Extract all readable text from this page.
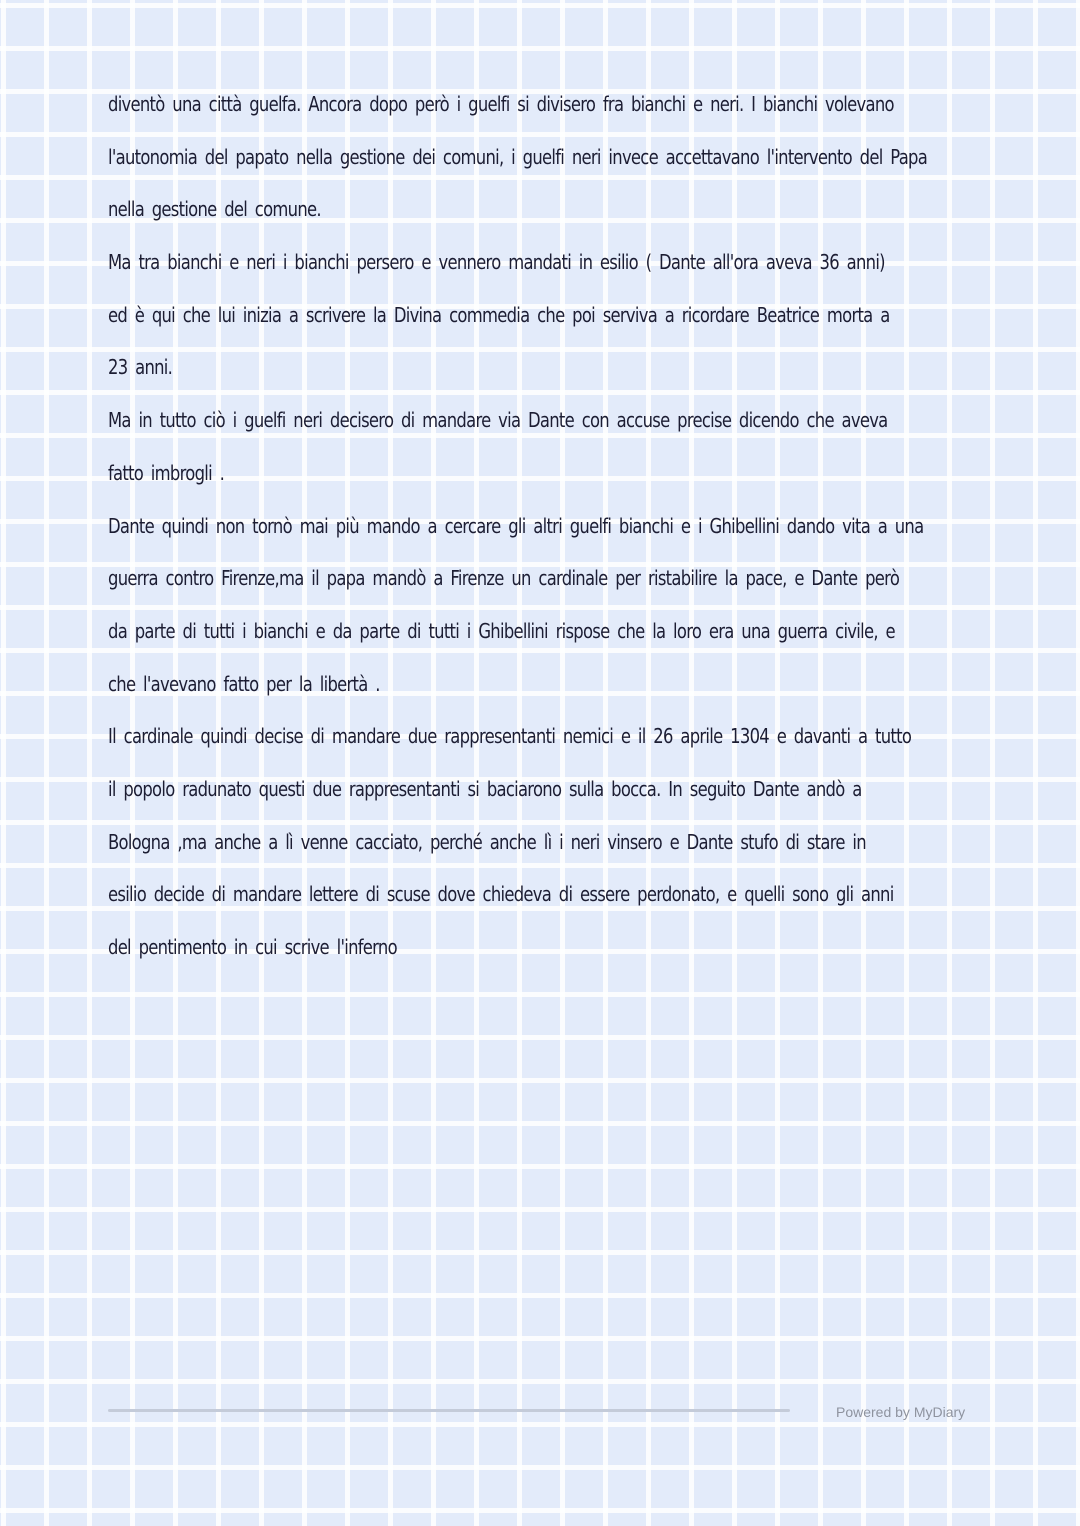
diventò una città guelfa. Ancora dopo però i guelfi si divisero fra bianchi e neri. I bianchi volevano
l'autonomia del papato nella gestione dei comuni, i guelfi neri invece accettavano l'intervento del Papa
nella gestione del comune.
Ma tra bianchi e neri i bianchi persero e vennero mandati in esilio ( Dante all'ora aveva 36 anni)
ed è qui che lui inizia a scrivere la Divina commedia che poi serviva a ricordare Beatrice morta a
23 anni.
Ma in tutto ciò i guelfi neri decisero di mandare via Dante con accuse precise dicendo che aveva
fatto imbrogli .
Dante quindi non tornò mai più mando a cercare gli altri guelfi bianchi e i Ghibellini dando vita a una
guerra contro Firenze,ma il papa mandò a Firenze un cardinale per ristabilire la pace, e Dante però
da parte di tutti i bianchi e da parte di tutti i Ghibellini rispose che la loro era una guerra civile, e
che l'avevano fatto per la libertà .
Il cardinale quindi decise di mandare due rappresentanti nemici e il 26 aprile 1304 e davanti a tutto
il popolo radunato questi due rappresentanti si baciarono sulla bocca. In seguito Dante andò a
Bologna ,ma anche a lì venne cacciato, perché anche lì i neri vinsero e Dante stufo di stare in
esilio decide di mandare lettere di scuse dove chiedeva di essere perdonato, e quelli sono gli anni
del pentimento in cui scrive l'inferno
Powered by MyDiary
